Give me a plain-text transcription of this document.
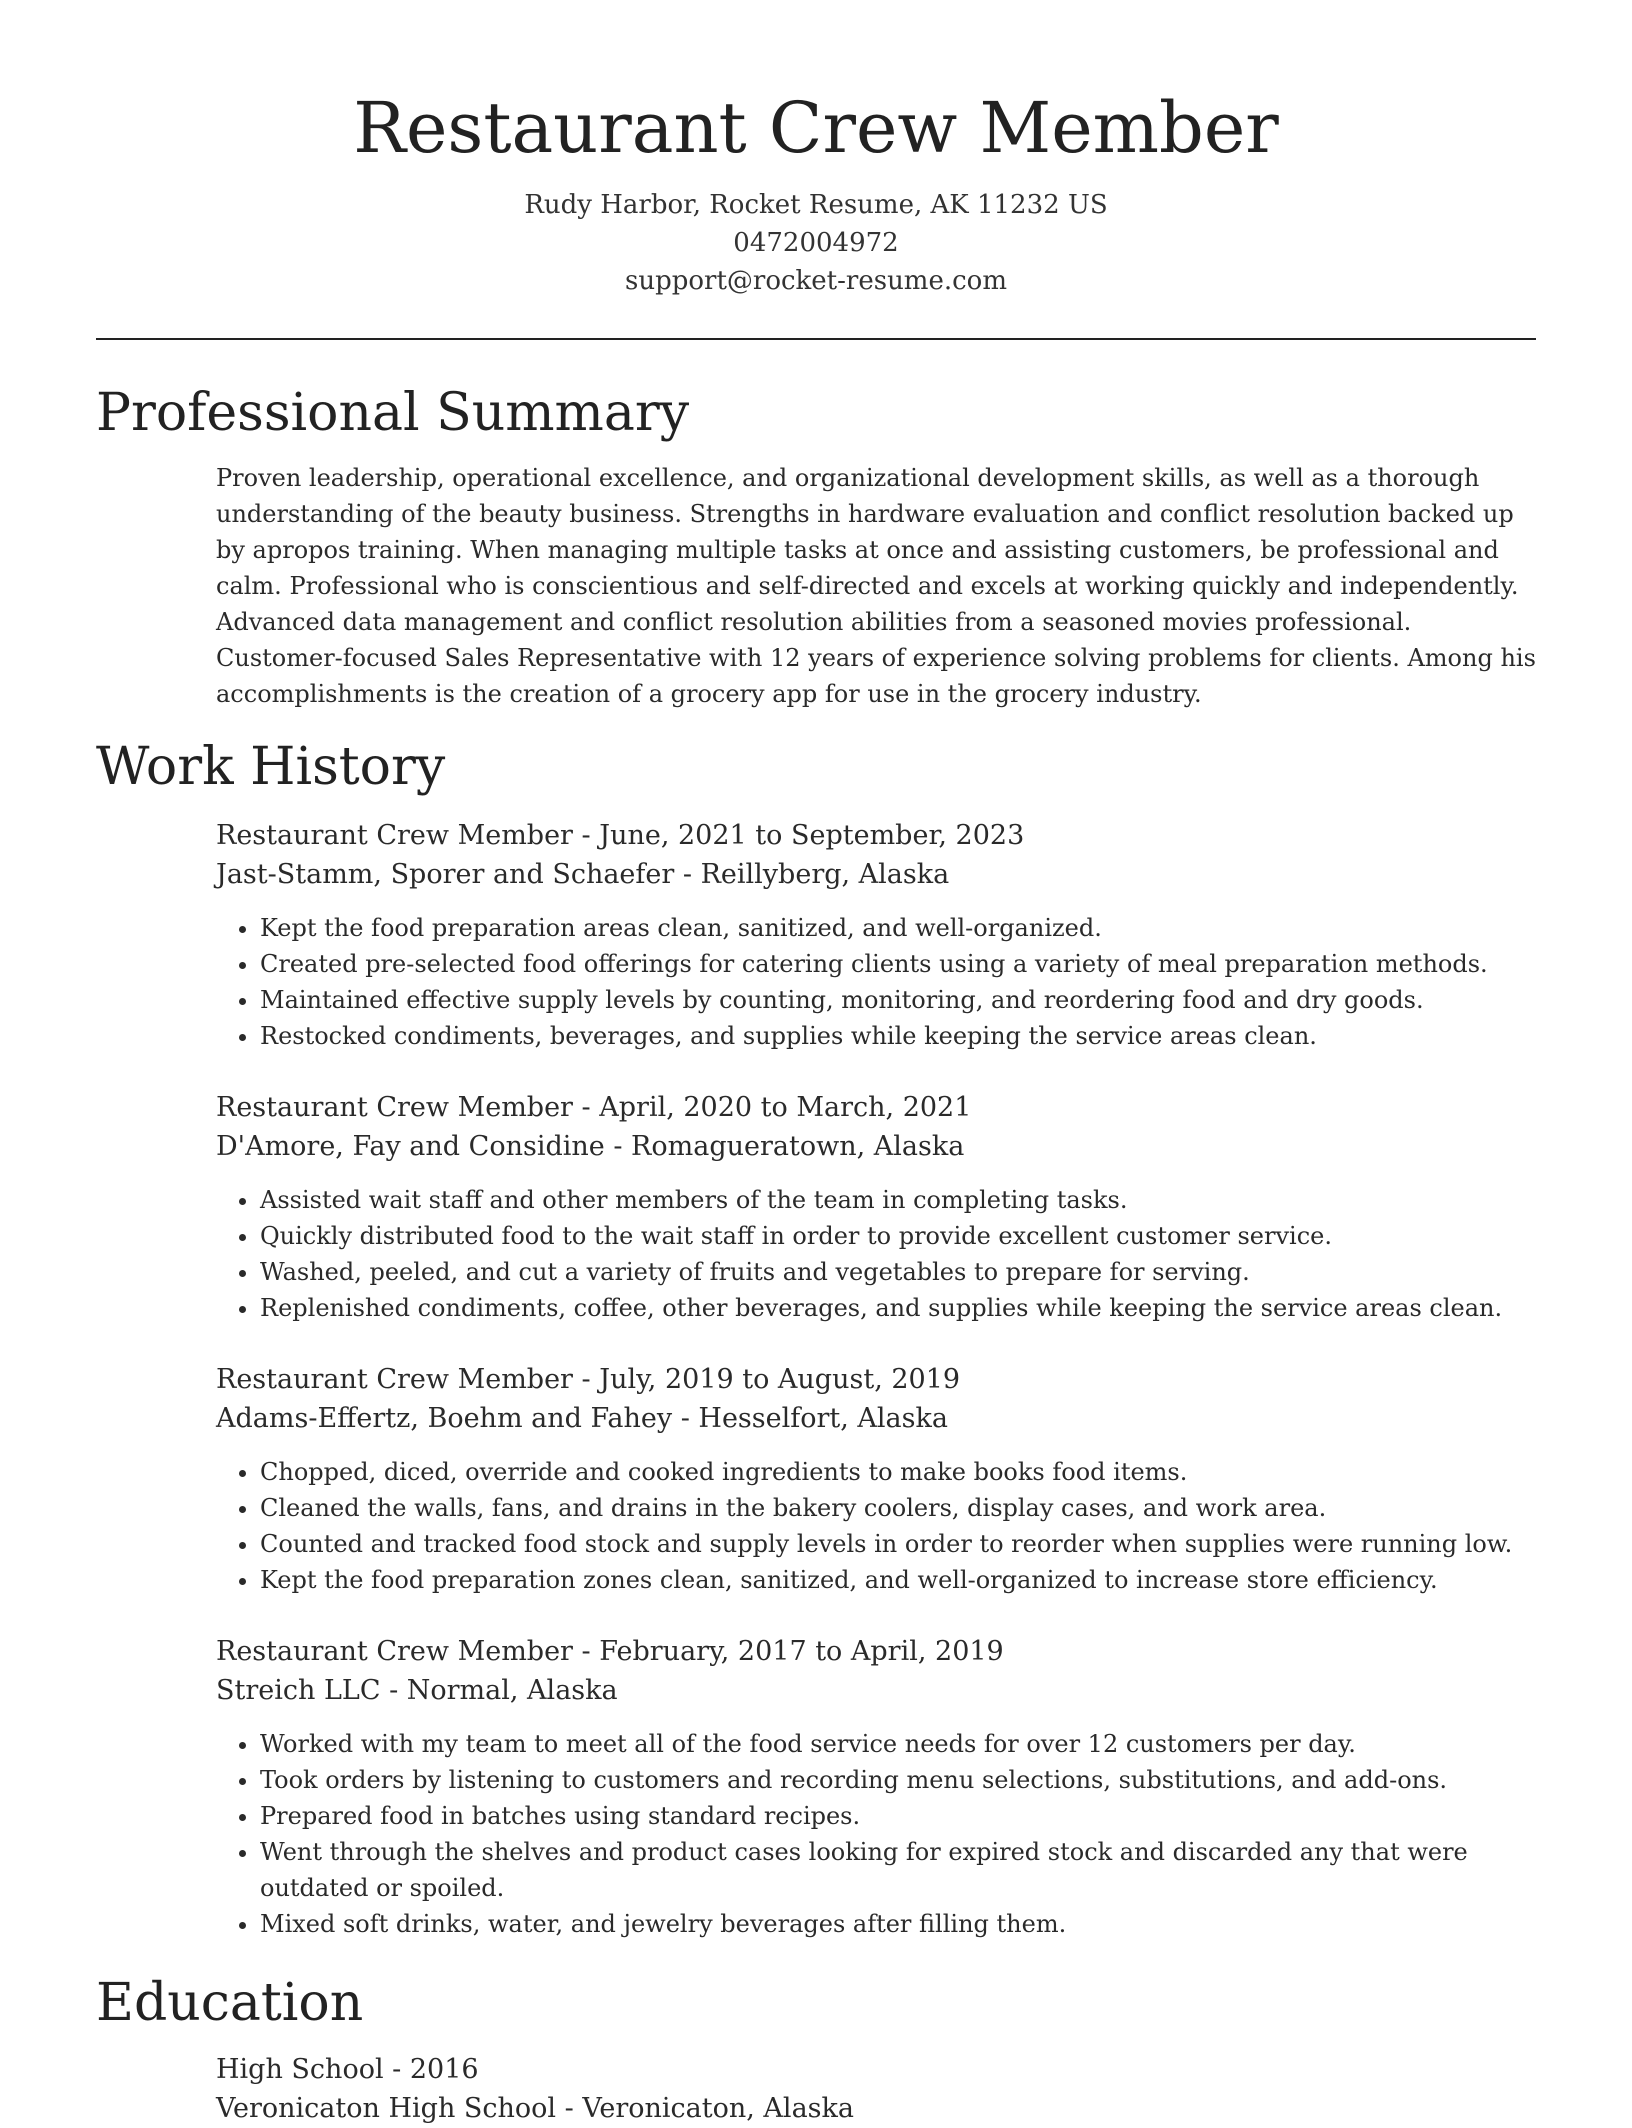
Restaurant Crew Member
Rudy Harbor, Rocket Resume, AK 11232 US
0472004972
support@rocket-resume.com
Professional Summary

Proven leadership, operational excellence, and organizational development skills, as well as a thorough understanding of the beauty business. Strengths in hardware evaluation and conflict resolution backed up by apropos training. When managing multiple tasks at once and assisting customers, be professional and calm. Professional who is conscientious and self-directed and excels at working quickly and independently. Advanced data management and conflict resolution abilities from a seasoned movies professional. Customer-focused Sales Representative with 12 years of experience solving problems for clients. Among his accomplishments is the creation of a grocery app for use in the grocery industry.

Work History
Restaurant Crew Member - June, 2021 to September, 2023
Jast-Stamm, Sporer and Schaefer - Reillyberg, Alaska
• Kept the food preparation areas clean, sanitized, and well-organized.
• Created pre-selected food offerings for catering clients using a variety of meal preparation methods.
• Maintained effective supply levels by counting, monitoring, and reordering food and dry goods.
• Restocked condiments, beverages, and supplies while keeping the service areas clean.
Restaurant Crew Member - April, 2020 to March, 2021
D'Amore, Fay and Considine - Romagueratown, Alaska
• Assisted wait staff and other members of the team in completing tasks.
• Quickly distributed food to the wait staff in order to provide excellent customer service.
• Washed, peeled, and cut a variety of fruits and vegetables to prepare for serving.
• Replenished condiments, coffee, other beverages, and supplies while keeping the service areas clean.
Restaurant Crew Member - July, 2019 to August, 2019
Adams-Effertz, Boehm and Fahey - Hesselfort, Alaska
• Chopped, diced, override and cooked ingredients to make books food items.
• Cleaned the walls, fans, and drains in the bakery coolers, display cases, and work area.
• Counted and tracked food stock and supply levels in order to reorder when supplies were running low.
• Kept the food preparation zones clean, sanitized, and well-organized to increase store efficiency.
Restaurant Crew Member - February, 2017 to April, 2019
Streich LLC - Normal, Alaska
• Worked with my team to meet all of the food service needs for over 12 customers per day.
• Took orders by listening to customers and recording menu selections, substitutions, and add-ons.
• Prepared food in batches using standard recipes.
• Went through the shelves and product cases looking for expired stock and discarded any that were outdated or spoiled.
• Mixed soft drinks, water, and jewelry beverages after filling them.
Education
High School - 2016
Veronicaton High School - Veronicaton, Alaska
